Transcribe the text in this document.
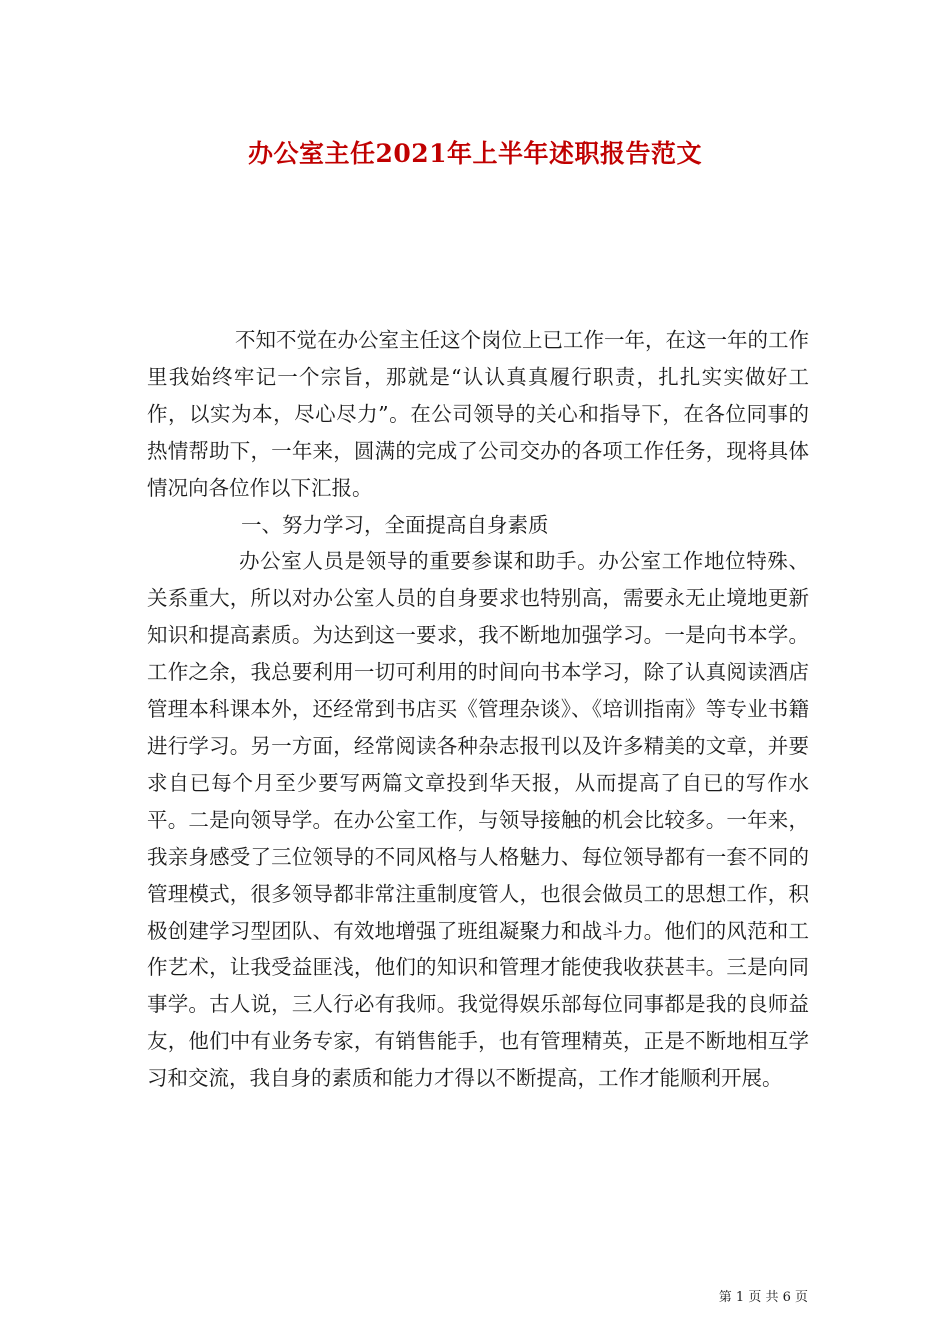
办公室主任2021年上半年述职报告范文

不知不觉在办公室主任这个岗位上已工作一年，在这一年的工作里我始终牢记一个宗旨，那就是“认认真真履行职责，扎扎实实做好工作，以实为本，尽心尽力”。在公司领导的关心和指导下，在各位同事的热情帮助下，一年来，圆满的完成了公司交办的各项工作任务，现将具体情况向各位作以下汇报。

一、努力学习，全面提高自身素质

办公室人员是领导的重要参谋和助手。办公室工作地位特殊、关系重大，所以对办公室人员的自身要求也特别高，需要永无止境地更新知识和提高素质。为达到这一要求，我不断地加强学习。一是向书本学。工作之余，我总要利用一切可利用的时间向书本学习，除了认真阅读酒店管理本科课本外，还经常到书店买《管理杂谈》、《培训指南》等专业书籍进行学习。另一方面，经常阅读各种杂志报刊以及许多精美的文章，并要求自已每个月至少要写两篇文章投到华天报，从而提高了自已的写作水平。二是向领导学。在办公室工作，与领导接触的机会比较多。一年来，我亲身感受了三位领导的不同风格与人格魅力、每位领导都有一套不同的管理模式，很多领导都非常注重制度管人，也很会做员工的思想工作，积极创建学习型团队、有效地增强了班组凝聚力和战斗力。他们的风范和工作艺术，让我受益匪浅，他们的知识和管理才能使我收获甚丰。三是向同事学。古人说，三人行必有我师。我觉得娱乐部每位同事都是我的良师益友，他们中有业务专家，有销售能手，也有管理精英，正是不断地相互学习和交流，我自身的素质和能力才得以不断提高，工作才能顺利开展。

第 1 页 共 6 页
